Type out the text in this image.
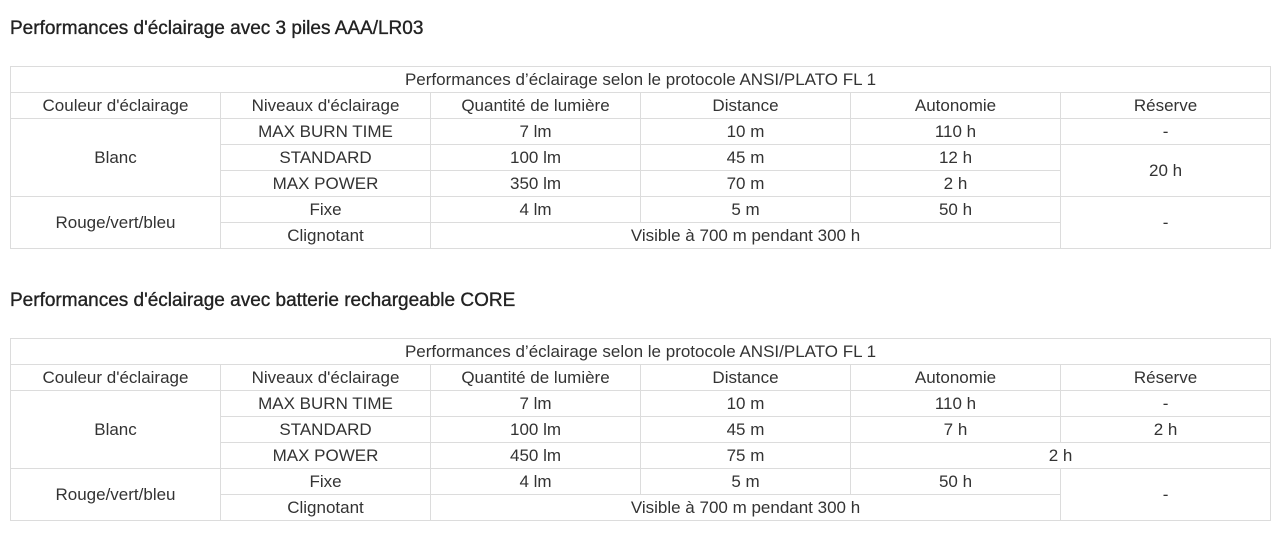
Performances d'éclairage avec 3 piles AAA/LR03
Performances d’éclairage selon le protocole ANSI/PLATO FL 1					
Couleur d'éclairage	Niveaux d'éclairage	Quantité de lumière	Distance	Autonomie	Réserve
Blanc	MAX BURN TIME	7 lm	10 m	110 h	-
	STANDARD	100 lm	45 m	12 h	20 h
	MAX POWER	350 lm	70 m	2 h	
Rouge/vert/bleu	Fixe	4 lm	5 m	50 h	-
	Clignotant	Visible à 700 m pendant 300 h			
Performances d'éclairage avec batterie rechargeable CORE
Performances d’éclairage selon le protocole ANSI/PLATO FL 1					
Couleur d'éclairage	Niveaux d'éclairage	Quantité de lumière	Distance	Autonomie	Réserve
Blanc	MAX BURN TIME	7 lm	10 m	110 h	-
	STANDARD	100 lm	45 m	7 h	2 h
	MAX POWER	450 lm	75 m	2 h	
Rouge/vert/bleu	Fixe	4 lm	5 m	50 h	-
	Clignotant	Visible à 700 m pendant 300 h			
